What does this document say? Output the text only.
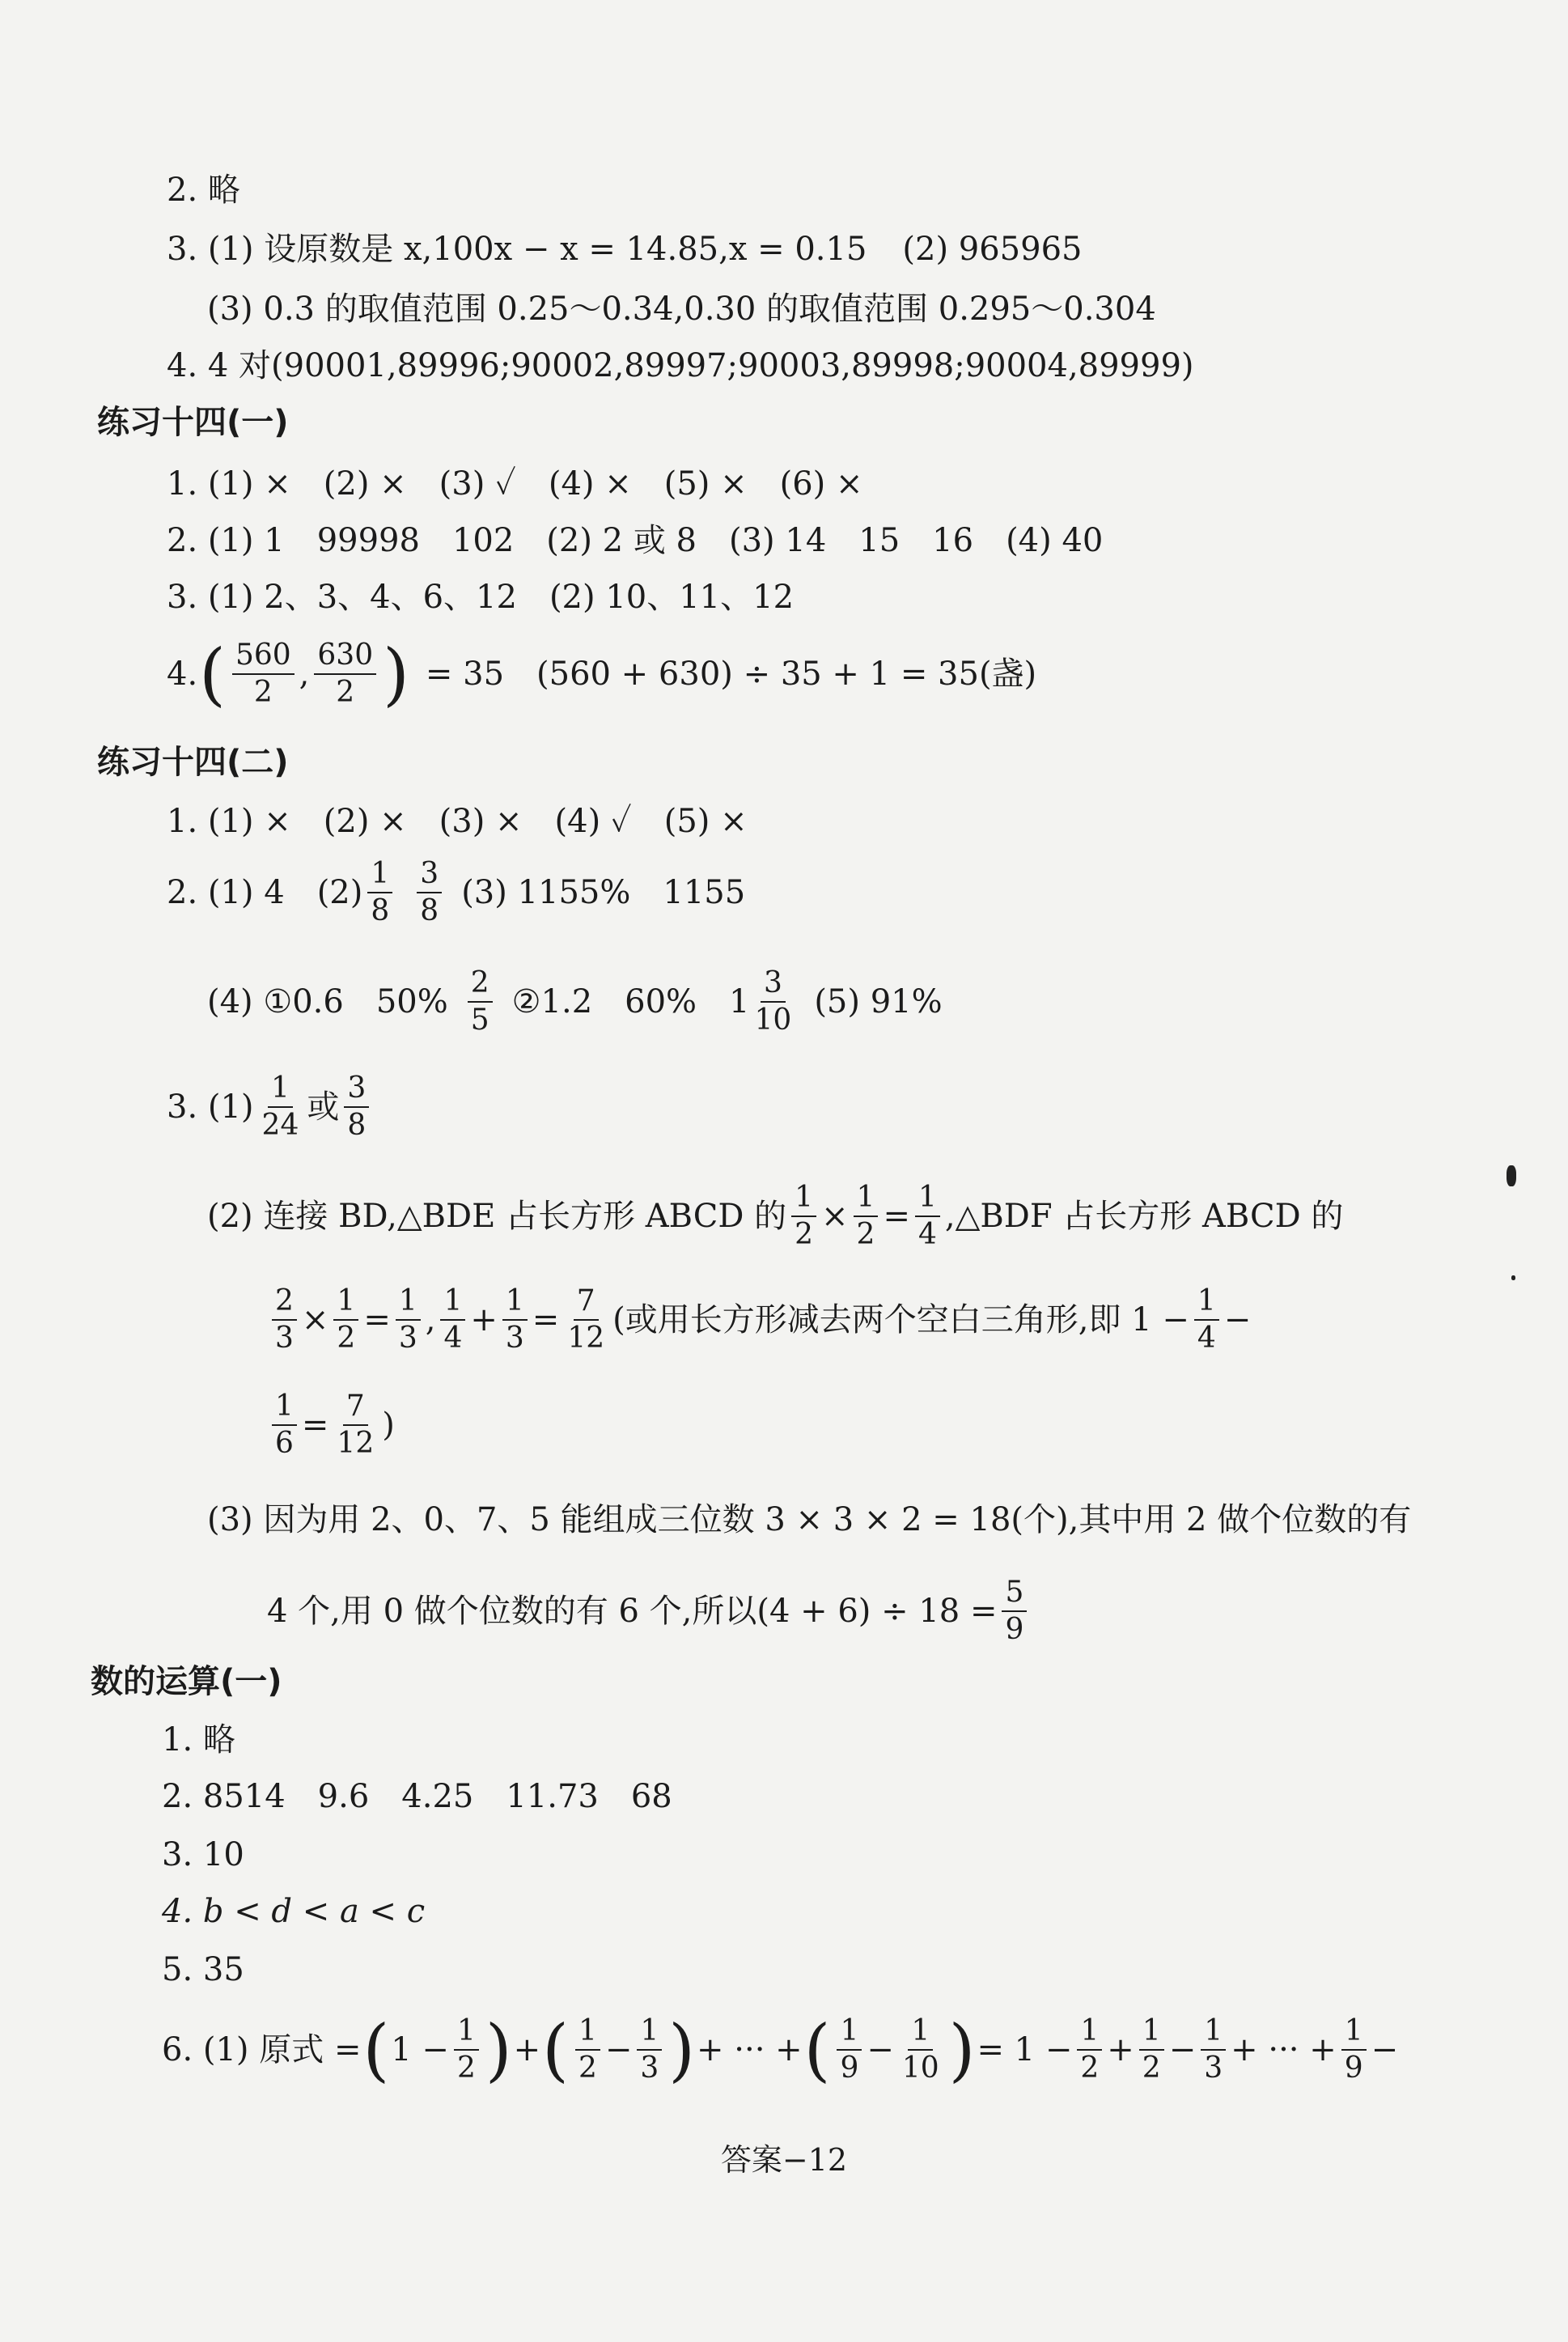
2. 略
3. (1) 设原数是 x,100x − x = 14.85,x = 0.15 (2) 965965
(3) 0.3 的取值范围 0.25～0.34,0.30 的取值范围 0.295～0.304
4. 4 对(90001,89996;90002,89997;90003,89998;90004,89999)
练习十四(一)
1. (1) ×　(2) ×　(3) ✓　(4) ×　(5) ×　(6) ×
2. (1) 1　99998　102　(2) 2 或 8　(3) 14　15　16　(4) 40
3. (1) 2、3、4、6、12　(2) 10、11、12
4. ( $\frac{560}{2}$ , $\frac{630}{2}$ ) = 35　(560 + 630) ÷ 35 + 1 = 35(盏)
练习十四(二)
1. (1) ×　(2) ×　(3) ×　(4) ✓　(5) ×
2. (1) 4　$(2) \frac{1}{8} \frac{3}{8} (3)$ 1155%　1155
(4) ①0.6　$50\% \frac{2}{5}$ ②1.2　60%　$1 \frac{3}{10} (5)$ 91%
3. $(1) \frac{1}{24}$ 或 $\frac{3}{8}$
(2) 连接 BD,△BDE 占长方形 ABCD 的 $\frac{1}{2} \times \frac{1}{2} = \frac{1}{4}$ ,△BDF 占长方形 ABCD 的
$\frac{2}{3} \times \frac{1}{2} = \frac{1}{3}$ , $\frac{1}{4} + \frac{1}{3} = \frac{7}{12}$ (或用长方形减去两个空白三角形,即 $1 - \frac{1}{4}$ −
$\frac{1}{6} = \frac{7}{12}$ )
(3) 因为用 2、0、7、5 能组成三位数 3 × 3 × 2 = 18(个),其中用 2 做个位数的有
4 个,用 0 做个位数的有 6 个,所以$(4 + 6) \div 18 = \frac{5}{9}$
数的运算(一)
1. 略
2. 8514　9.6　4.25　11.73　68
3. 10
4. b < d < a < c
5. 35
6. (1) 原式 = ( $1 - \frac{1}{2}$ ) + ( $\frac{1}{2} - \frac{1}{3}$ ) + ··· + ( $\frac{1}{9} - \frac{1}{10}$ ) = $1 - \frac{1}{2} + \frac{1}{2} - \frac{1}{3}$ + ··· + $\frac{1}{9}$ −
答案−12
